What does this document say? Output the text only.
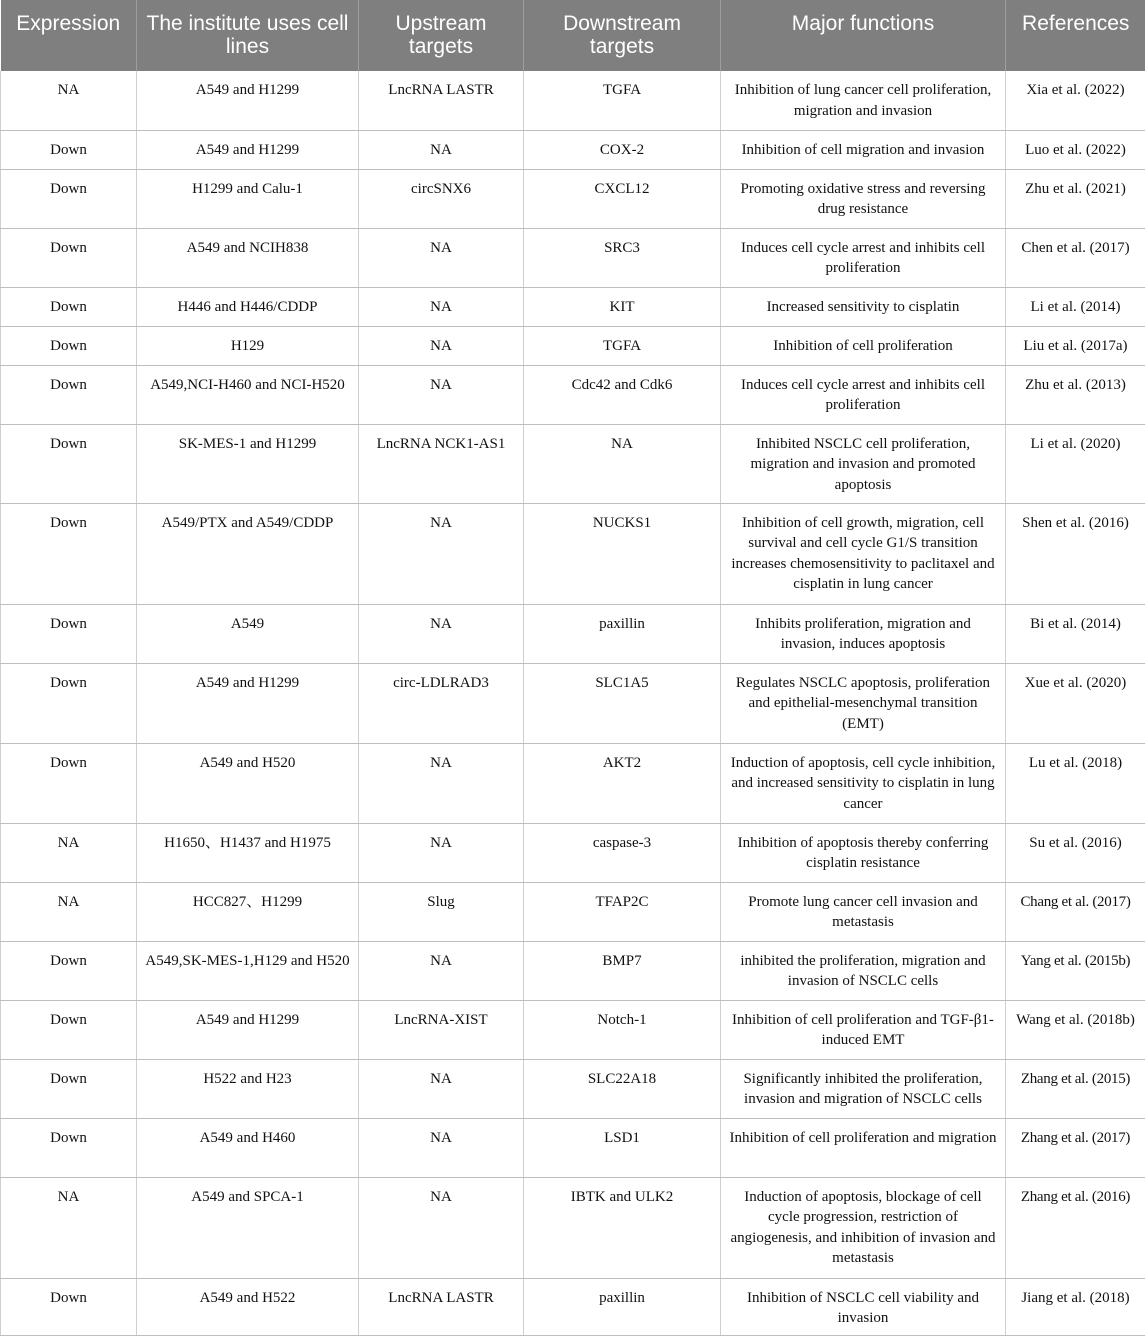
Expression	The institute uses cell lines	Upstream targets	Downstream targets	Major functions	References
NA	A549 and H1299	LncRNA LASTR	TGFA	Inhibition of lung cancer cell proliferation, migration and invasion	Xia et al. (2022)
Down	A549 and H1299	NA	COX-2	Inhibition of cell migration and invasion	Luo et al. (2022)
Down	H1299 and Calu-1	circSNX6	CXCL12	Promoting oxidative stress and reversing drug resistance	Zhu et al. (2021)
Down	A549 and NCIH838	NA	SRC3	Induces cell cycle arrest and inhibits cell proliferation	Chen et al. (2017)
Down	H446 and H446/CDDP	NA	KIT	Increased sensitivity to cisplatin	Li et al. (2014)
Down	H129	NA	TGFA	Inhibition of cell proliferation	Liu et al. (2017a)
Down	A549,NCI-H460 and NCI-H520	NA	Cdc42 and Cdk6	Induces cell cycle arrest and inhibits cell proliferation	Zhu et al. (2013)
Down	SK-MES-1 and H1299	LncRNA NCK1-AS1	NA	Inhibited NSCLC cell proliferation, migration and invasion and promoted apoptosis	Li et al. (2020)
Down	A549/PTX and A549/CDDP	NA	NUCKS1	Inhibition of cell growth, migration, cell survival and cell cycle G1/S transition increases chemosensitivity to paclitaxel and cisplatin in lung cancer	Shen et al. (2016)
Down	A549	NA	paxillin	Inhibits proliferation, migration and invasion, induces apoptosis	Bi et al. (2014)
Down	A549 and H1299	circ-LDLRAD3	SLC1A5	Regulates NSCLC apoptosis, proliferation and epithelial-mesenchymal transition (EMT)	Xue et al. (2020)
Down	A549 and H520	NA	AKT2	Induction of apoptosis, cell cycle inhibition, and increased sensitivity to cisplatin in lung cancer	Lu et al. (2018)
NA	H1650、H1437 and H1975	NA	caspase-3	Inhibition of apoptosis thereby conferring cisplatin resistance	Su et al. (2016)
NA	HCC827、H1299	Slug	TFAP2C	Promote lung cancer cell invasion and metastasis	Chang et al. (2017)
Down	A549,SK-MES-1,H129 and H520	NA	BMP7	inhibited the proliferation, migration and invasion of NSCLC cells	Yang et al. (2015b)
Down	A549 and H1299	LncRNA-XIST	Notch-1	Inhibition of cell proliferation and TGF-β1-induced EMT	Wang et al. (2018b)
Down	H522 and H23	NA	SLC22A18	Significantly inhibited the proliferation, invasion and migration of NSCLC cells	Zhang et al. (2015)
Down	A549 and H460	NA	LSD1	Inhibition of cell proliferation and migration	Zhang et al. (2017)
NA	A549 and SPCA-1	NA	IBTK and ULK2	Induction of apoptosis, blockage of cell cycle progression, restriction of angiogenesis, and inhibition of invasion and metastasis	Zhang et al. (2016)
Down	A549 and H522	LncRNA LASTR	paxillin	Inhibition of NSCLC cell viability and invasion	Jiang et al. (2018)
